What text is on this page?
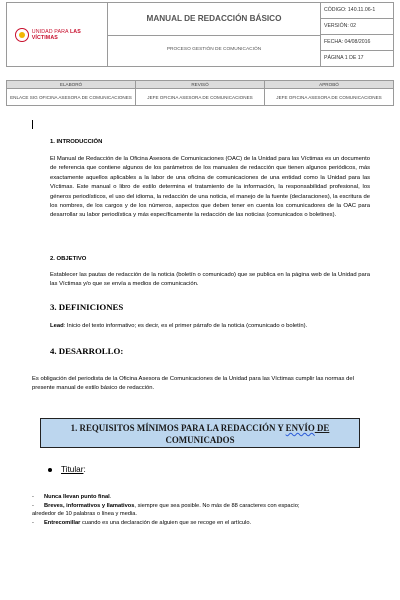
UNIDAD PARA LAS VÍCTIMAS

MANUAL DE REDACCIÓN BÁSICO
PROCESO GESTIÓN DE COMUNICACIÓN

CÓDIGO: 140.11.06-1
VERSIÓN: 02
FECHA: 04/08/2016
PÁGINA 1 DE 17
ELABORÓ	REVISÓ	APROBÓ
ENLACE SIG OFICINA ASESORA DE COMUNICACIONES	JEFE OFICINA ASESORA DE COMUNICACIONES	JEFE OFICINA ASESORA DE COMUNICACIONES
1. INTRODUCCIÓN
El Manual de Redacción de la Oficina Asesora de Comunicaciones (OAC) de la Unidad para las Víctimas es un documento de referencia que contiene algunos de los parámetros de los manuales de redacción que tienen algunos periódicos, más exactamente aquellos aplicables a la labor de una oficina de comunicaciones de una entidad como la Unidad para las Víctimas. Este manual o libro de estilo determina el tratamiento de la información, la responsabilidad profesional, los géneros periodísticos, el uso del idioma, la redacción de una noticia, el manejo de la fuente (declaraciones), la escritura de los nombres, de los cargos y de los números, aspectos que deben tener en cuenta los comunicadores de la OAC para desarrollar su labor periodística y más específicamente la redacción de las noticias (comunicados o boletines).
2. OBJETIVO
Establecer las pautas de redacción de la noticia (boletín o comunicado) que se publica en la página web de la Unidad para las Víctimas y/o que se envía a medios de comunicación.
3. DEFINICIONES
Lead: Inicio del texto informativo; es decir, es el primer párrafo de la noticia (comunicado o boletín).
4. DESARROLLO:
Es obligación del periodista de la Oficina Asesora de Comunicaciones de la Unidad para las Víctimas cumplir las normas del presente manual de estilo básico de redacción.
1. REQUISITOS MÍNIMOS PARA LA REDACCIÓN Y ENVÍO DE
COMUNICADOS
Titular:
- Nunca llevan punto final.
- Breves, informativos y llamativos, siempre que sea posible. No más de 88 caracteres con espacio;
alrededor de 10 palabras o línea y media.
- Entrecomillar cuando es una declaración de alguien que se recoge en el artículo.
